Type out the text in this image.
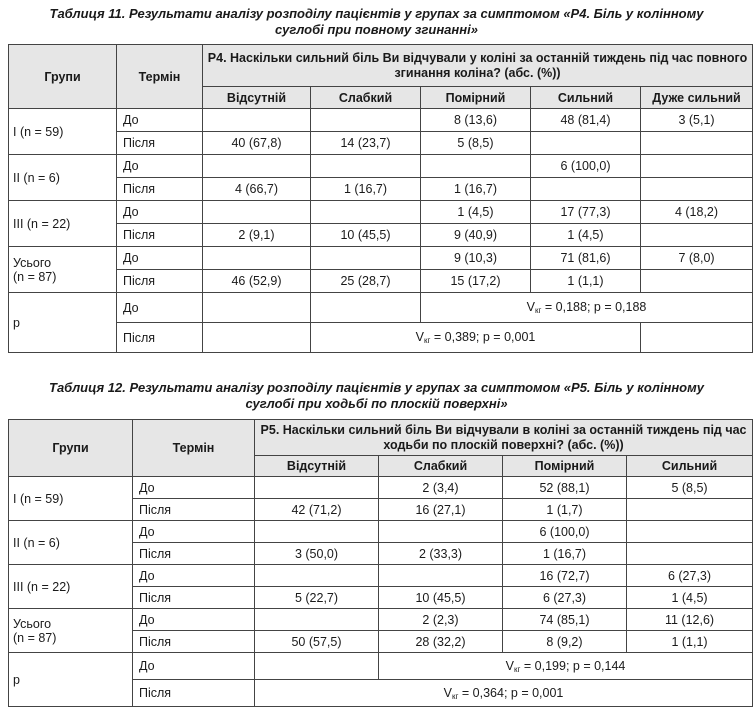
Таблиця 11. Результати аналізу розподілу пацієнтів у групах за симптомом «P4. Біль у колінному
суглобі при повному згинанні»
Групи	Термін	P4. Наскільки сильний біль Ви відчували у коліні за останній тиждень під час повного згинання коліна? (абс. (%))				
		Відсутній	Слабкий	Помірний	Сильний	Дуже сильний
І (n = 59)	До			8 (13,6)	48 (81,4)	3 (5,1)
	Після	40 (67,8)	14 (23,7)	5 (8,5)		
ІІ (n = 6)	До				6 (100,0)	
	Після	4 (66,7)	1 (16,7)	1 (16,7)		
ІІІ (n = 22)	До			1 (4,5)	17 (77,3)	4 (18,2)
	Після	2 (9,1)	10 (45,5)	9 (40,9)	1 (4,5)	

Усього
(n = 87)	До			9 (10,3)	71 (81,6)	7 (8,0)
	Після	46 (52,9)	25 (28,7)	15 (17,2)	1 (1,1)	
р	До			Vкг = 0,188; р = 0,188		
	Після		Vкг = 0,389; р = 0,001			
Таблиця 12. Результати аналізу розподілу пацієнтів у групах за симптомом «P5. Біль у колінному
суглобі при ходьбі по плоскій поверхні»
Групи	Термін	P5. Наскільки сильний біль Ви відчували в коліні за останній тиждень під час ходьби по плоскій поверхні? (абс. (%))			
		Відсутній	Слабкий	Помірний	Сильний
І (n = 59)	До		2 (3,4)	52 (88,1)	5 (8,5)
	Після	42 (71,2)	16 (27,1)	1 (1,7)	
ІІ (n = 6)	До			6 (100,0)	
	Після	3 (50,0)	2 (33,3)	1 (16,7)	
ІІІ (n = 22)	До			16 (72,7)	6 (27,3)
	Після	5 (22,7)	10 (45,5)	6 (27,3)	1 (4,5)

Усього
(n = 87)	До		2 (2,3)	74 (85,1)	11 (12,6)
	Після	50 (57,5)	28 (32,2)	8 (9,2)	1 (1,1)
р	До		Vкг = 0,199; р = 0,144		
	Після	Vкг = 0,364; р = 0,001			
